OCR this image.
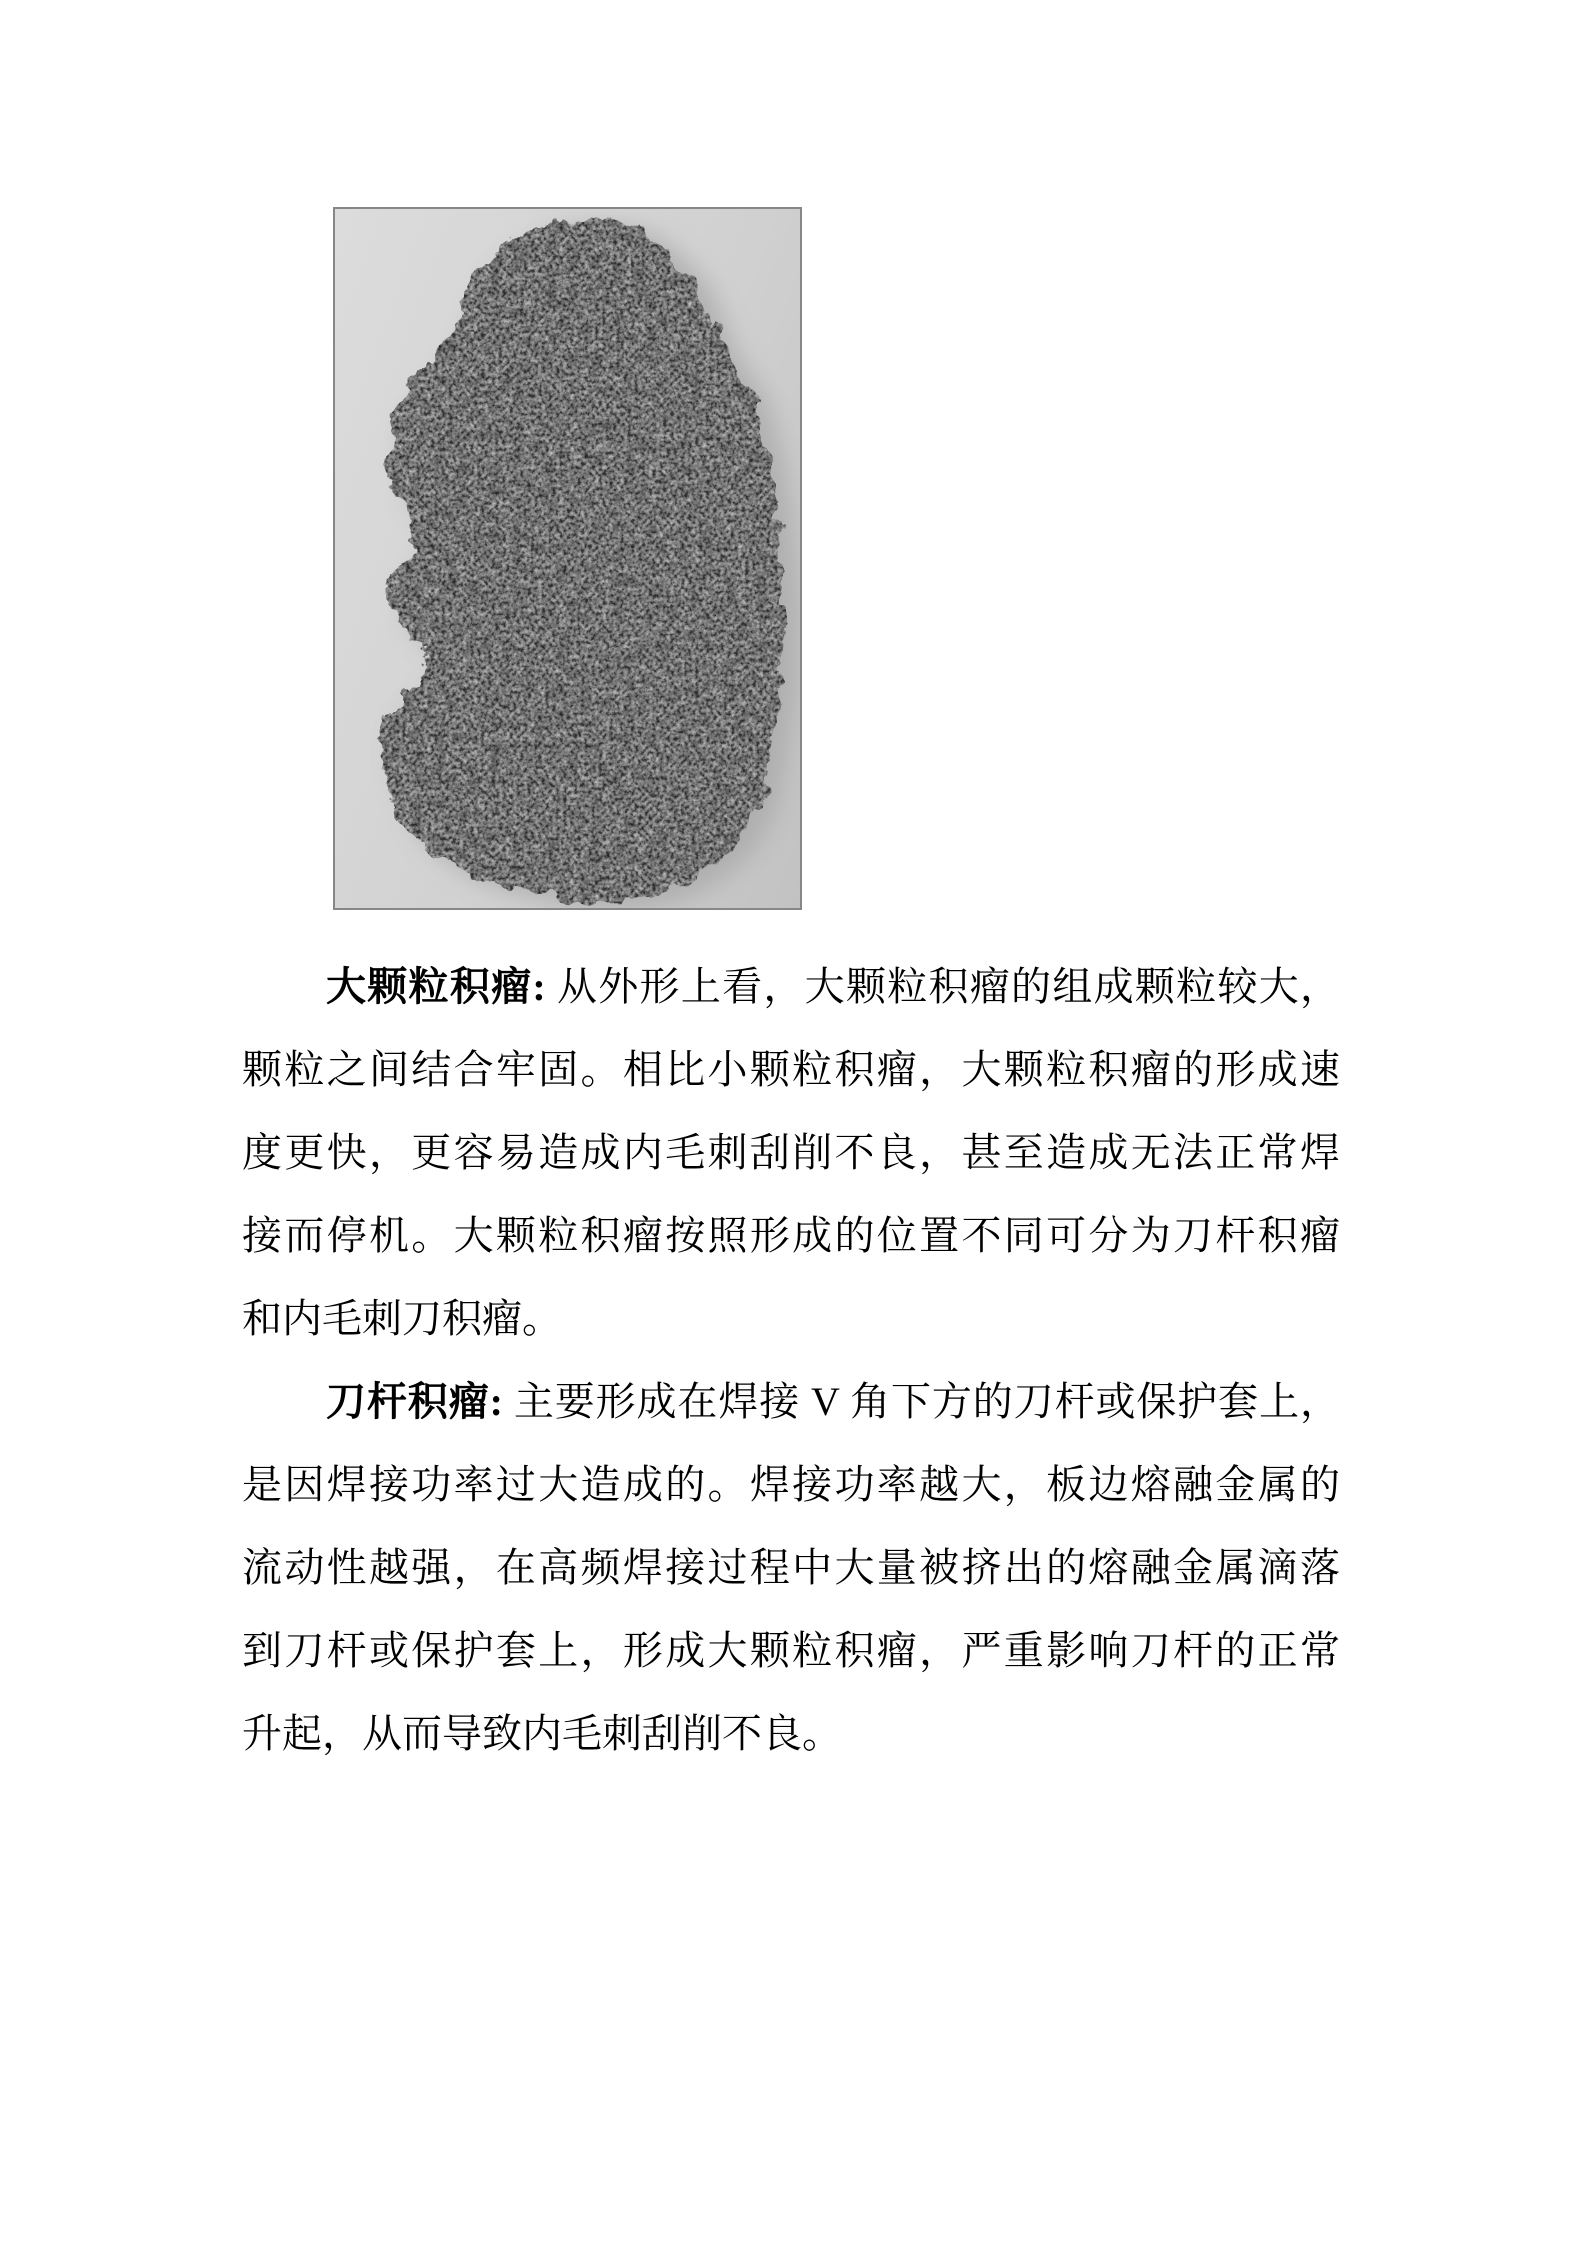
大颗粒积瘤: 从外形上看，大颗粒积瘤的组成颗粒较大，
颗粒之间结合牢固。相比小颗粒积瘤，大颗粒积瘤的形成速
度更快，更容易造成内毛刺刮削不良，甚至造成无法正常焊
接而停机。大颗粒积瘤按照形成的位置不同可分为刀杆积瘤
和内毛刺刀积瘤。
刀杆积瘤: 主要形成在焊接 V 角下方的刀杆或保护套上，
是因焊接功率过大造成的。焊接功率越大，板边熔融金属的
流动性越强，在高频焊接过程中大量被挤出的熔融金属滴落
到刀杆或保护套上，形成大颗粒积瘤，严重影响刀杆的正常
升起，从而导致内毛刺刮削不良。
